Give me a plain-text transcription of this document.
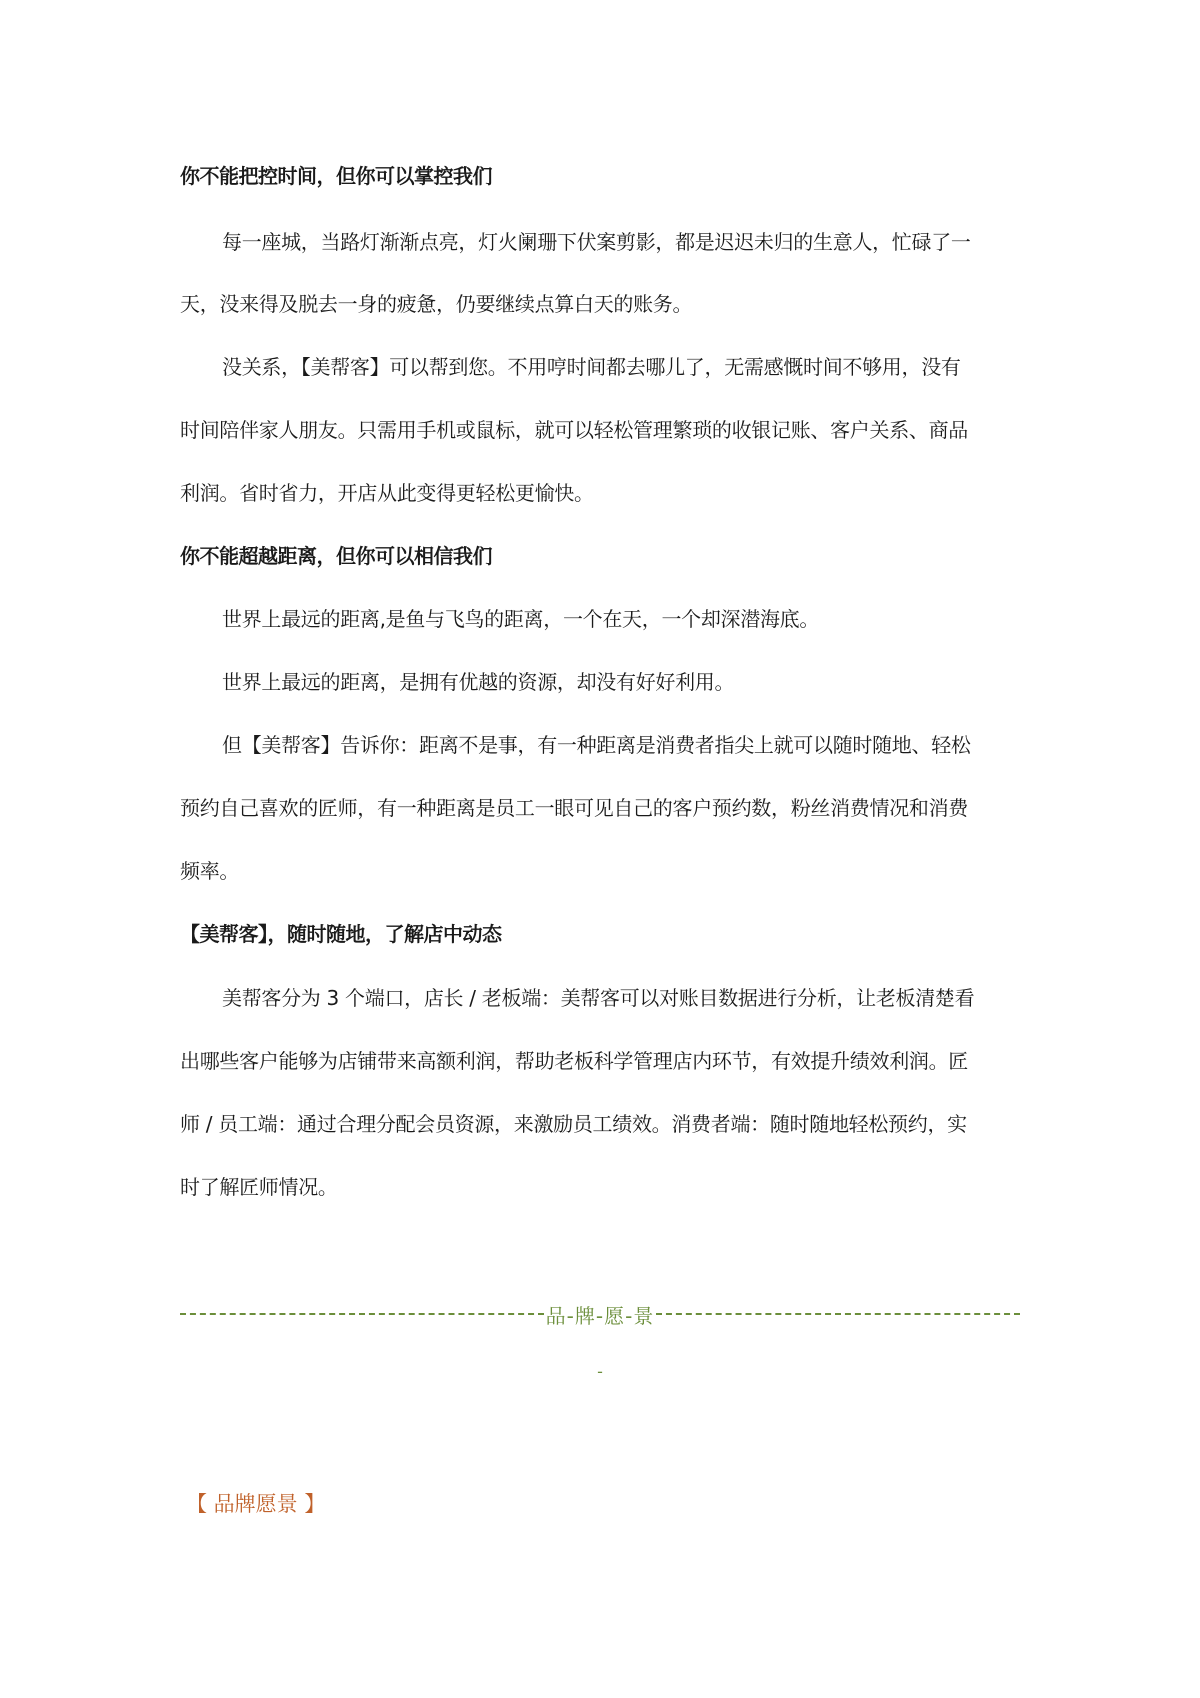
你不能把控时间，但你可以掌控我们
每一座城，当路灯渐渐点亮，灯火阑珊下伏案剪影，都是迟迟未归的生意人，忙碌了一
天，没来得及脱去一身的疲惫，仍要继续点算白天的账务。
没关系，【美帮客】可以帮到您。不用哼时间都去哪儿了，无需感慨时间不够用，没有
时间陪伴家人朋友。只需用手机或鼠标，就可以轻松管理繁琐的收银记账、客户关系、商品
利润。省时省力，开店从此变得更轻松更愉快。
你不能超越距离，但你可以相信我们
世界上最远的距离,是鱼与飞鸟的距离，一个在天，一个却深潜海底。
世界上最远的距离，是拥有优越的资源，却没有好好利用。
但【美帮客】告诉你：距离不是事，有一种距离是消费者指尖上就可以随时随地、轻松
预约自己喜欢的匠师，有一种距离是员工一眼可见自己的客户预约数，粉丝消费情况和消费
频率。
【美帮客】，随时随地，了解店中动态
美帮客分为 3 个端口，店长 / 老板端：美帮客可以对账目数据进行分析，让老板清楚看
出哪些客户能够为店铺带来高额利润，帮助老板科学管理店内环节，有效提升绩效利润。匠
师 / 员工端：通过合理分配会员资源，来激励员工绩效。消费者端：随时随地轻松预约，实
时了解匠师情况。
品-牌-愿-景
-
【 品牌愿景 】
